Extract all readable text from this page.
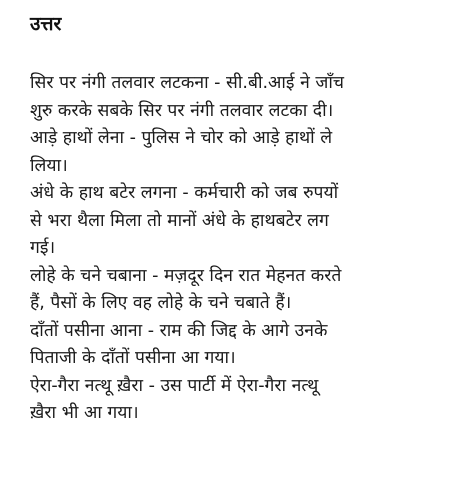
उत्तर
सिर पर नंगी तलवार लटकना - सी.बी.आई ने जाँच
शुरु करके सबके सिर पर नंगी तलवार लटका दी।
आड़े हाथों लेना - पुलिस ने चोर को आड़े हाथों ले
लिया।
अंधे के हाथ बटेर लगना - कर्मचारी को जब रुपयों
से भरा थैला मिला तो मानों अंधे के हाथबटेर लग
गई।
लोहे के चने चबाना - मज़दूर दिन रात मेहनत करते
हैं, पैसों के लिए वह लोहे के चने चबाते हैं।
दाँतों पसीना आना - राम की जिद्द के आगे उनके
पिताजी के दाँतों पसीना आ गया।
ऐरा-गैरा नत्थू ख़ैरा - उस पार्टी में ऐरा-गैरा नत्थू
ख़ैरा भी आ गया।
